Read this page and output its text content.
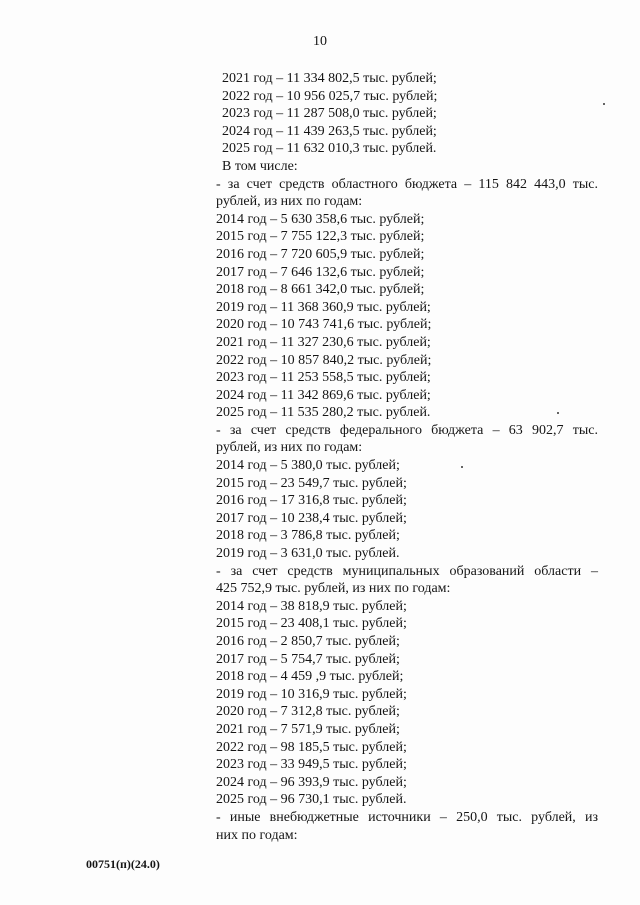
10
2021 год – 11 334 802,5 тыс. рублей;
2022 год – 10 956 025,7 тыс. рублей;
2023 год – 11 287 508,0 тыс. рублей;
2024 год – 11 439 263,5 тыс. рублей;
2025 год – 11 632 010,3 тыс. рублей.
В том числе:
- за счет средств областного бюджета – 115 842 443,0 тыс.
рублей, из них по годам:
2014 год – 5 630 358,6 тыс. рублей;
2015 год – 7 755 122,3 тыс. рублей;
2016 год – 7 720 605,9 тыс. рублей;
2017 год – 7 646 132,6 тыс. рублей;
2018 год – 8 661 342,0 тыс. рублей;
2019 год – 11 368 360,9 тыс. рублей;
2020 год – 10 743 741,6 тыс. рублей;
2021 год – 11 327 230,6 тыс. рублей;
2022 год – 10 857 840,2 тыс. рублей;
2023 год – 11 253 558,5 тыс. рублей;
2024 год – 11 342 869,6 тыс. рублей;
2025 год – 11 535 280,2 тыс. рублей.
- за счет средств федерального бюджета – 63 902,7 тыс.
рублей, из них по годам:
2014 год – 5 380,0 тыс. рублей;
2015 год – 23 549,7 тыс. рублей;
2016 год – 17 316,8 тыс. рублей;
2017 год – 10 238,4 тыс. рублей;
2018 год – 3 786,8 тыс. рублей;
2019 год – 3 631,0 тыс. рублей.
- за счет средств муниципальных образований области –
425 752,9 тыс. рублей, из них по годам:
2014 год – 38 818,9 тыс. рублей;
2015 год – 23 408,1 тыс. рублей;
2016 год – 2 850,7 тыс. рублей;
2017 год – 5 754,7 тыс. рублей;
2018 год – 4 459 ,9 тыс. рублей;
2019 год – 10 316,9 тыс. рублей;
2020 год – 7 312,8 тыс. рублей;
2021 год – 7 571,9 тыс. рублей;
2022 год – 98 185,5 тыс. рублей;
2023 год – 33 949,5 тыс. рублей;
2024 год – 96 393,9 тыс. рублей;
2025 год – 96 730,1 тыс. рублей.
- иные внебюджетные источники – 250,0 тыс. рублей, из
них по годам:
00751(п)(24.0)
